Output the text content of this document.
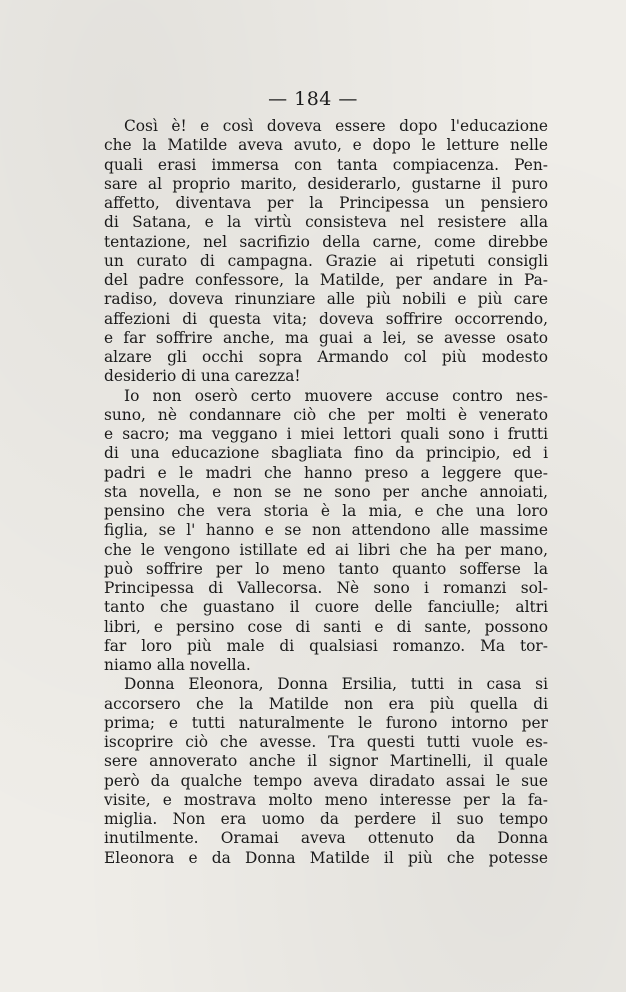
— 184 —
Così è! e così doveva essere dopo l'educazione
che la Matilde aveva avuto, e dopo le letture nelle
quali erasi immersa con tanta compiacenza. Pen-
sare al proprio marito, desiderarlo, gustarne il puro
affetto, diventava per la Principessa un pensiero
di Satana, e la virtù consisteva nel resistere alla
tentazione, nel sacrifizio della carne, come direbbe
un curato di campagna. Grazie ai ripetuti consigli
del padre confessore, la Matilde, per andare in Pa-
radiso, doveva rinunziare alle più nobili e più care
affezioni di questa vita; doveva soffrire occorrendo,
e far soffrire anche, ma guai a lei, se avesse osato
alzare gli occhi sopra Armando col più modesto
desiderio di una carezza!
Io non oserò certo muovere accuse contro nes-
suno, nè condannare ciò che per molti è venerato
e sacro; ma veggano i miei lettori quali sono i frutti
di una educazione sbagliata fino da principio, ed i
padri e le madri che hanno preso a leggere que-
sta novella, e non se ne sono per anche annoiati,
pensino che vera storia è la mia, e che una loro
figlia, se l' hanno e se non attendono alle massime
che le vengono istillate ed ai libri che ha per mano,
può soffrire per lo meno tanto quanto sofferse la
Principessa di Vallecorsa. Nè sono i romanzi sol-
tanto che guastano il cuore delle fanciulle; altri
libri, e persino cose di santi e di sante, possono
far loro più male di qualsiasi romanzo. Ma tor-
niamo alla novella.
Donna Eleonora, Donna Ersilia, tutti in casa si
accorsero che la Matilde non era più quella di
prima; e tutti naturalmente le furono intorno per
iscoprire ciò che avesse. Tra questi tutti vuole es-
sere annoverato anche il signor Martinelli, il quale
però da qualche tempo aveva diradato assai le sue
visite, e mostrava molto meno interesse per la fa-
miglia. Non era uomo da perdere il suo tempo
inutilmente. Oramai aveva ottenuto da Donna
Eleonora e da Donna Matilde il più che potesse
